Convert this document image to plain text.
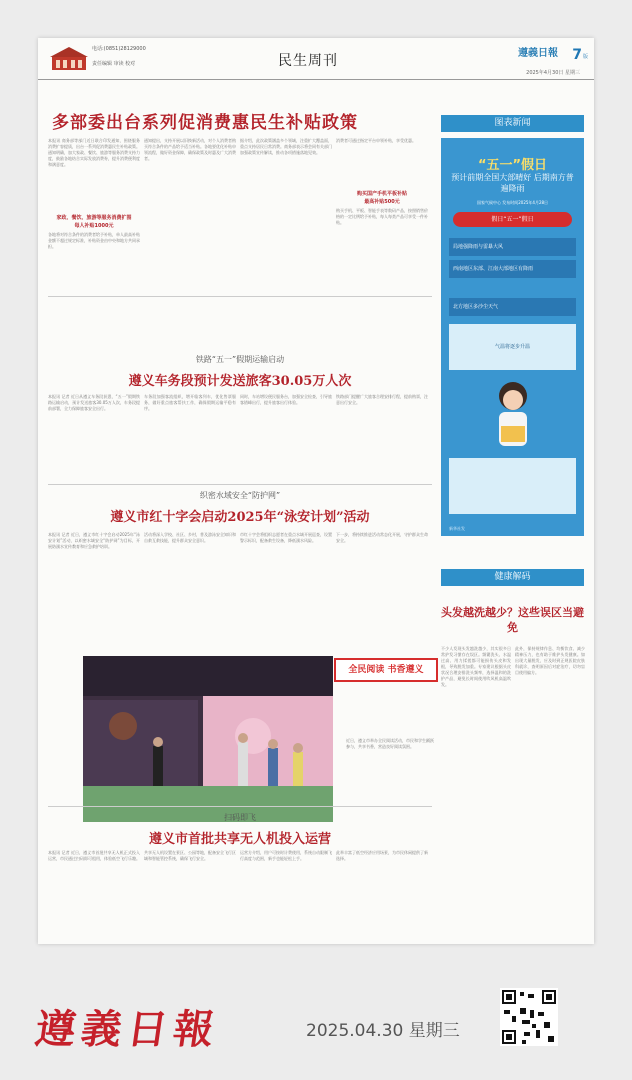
电话:(0851)28129000
责任编辑 审读 校对	民生周刊	遵義日報 7 版
2025年4月30日 星期三
多部委出台系列促消费惠民生补贴政策
本报讯 商务部等部门近日联合印发通知，围绕服务消费扩容提质，出台一系列促消费惠民生补贴政策。通知明确，加大家政、餐饮、旅游等服务消费支持力度，鼓励各地结合实际发放消费券，提升消费便利度和满意度。
家政、餐饮、旅游等服务消费扩围
每人补贴1000元
各地将对符合条件的消费者给予补贴，单人最高补贴金额不超过规定标准，补贴资金由中央和地方共同承担。
通知提出，支持开展以旧换新活动，对个人消费者购买符合条件的产品给予适当补贴。各地要优化补贴申领流程，做好资金保障，确保政策及时惠及广大消费者。
据介绍，此次政策涵盖多个领域，注重扩大覆盖面，重点支持居民日常消费。商务部表示将会同有关部门加强政策宣传解读，推动各项措施落地见效。
购买国产手机平板补贴
最高补贴500元
消费者可通过指定平台申领补贴，享受优惠。
购买手机、平板、智能手表等数码产品，按照销售价格的一定比例给予补贴，每人每类产品可享受一件补贴。
铁路“五一”假期运输启动
遵义车务段预计发送旅客30.05万人次
本报讯 记者 近日从遵义车务段获悉，“五一”假期铁路运输启动，预计发送旅客30.05万人次，车务段提前部署，全力保障旅客安全出行。
车务段加强客流组织，增开临客列车，优化售票服务，做好重点旅客帮扶工作，确保假期运输平稳有序。
同时，车站增设便民服务台，加强安全检查，引导旅客错峰出行，提升旅客出行体验。
铁路部门提醒广大旅客合理安排行程，提前购票，注意出行安全。
织密水域安全“防护网”
遵义市红十字会启动2025年“泳安计划”活动
本报讯 记者 近日，遵义市红十字会启动2025年“泳安计划”活动，以织密水域安全“防护网”为目标，开展防溺水宣传教育和应急救护培训。
活动将深入学校、社区、乡村，普及游泳安全知识和自救互救技能，提升群众安全意识。
市红十字会将组织志愿者在重点水域开展巡查，设置警示标识，配备救生设备，降低溺水风险。
下一步，将持续推进活动常态化开展，守护群众生命安全。
全民阅读 书香遵义
近日，遵义市举办全民阅读活动，市民和学生踊跃参与，共享书香，营造良好阅读氛围。
扫码即飞
遵义市首批共享无人机投入运营
本报讯 记者 近日，遵义市首批共享无人机正式投入运营，市民通过扫码即可租用，体验低空飞行乐趣。
共享无人机设置在景区、公园等地，配备安全飞行区域和智能管控系统，确保飞行安全。
运营方介绍，用户可按时计费使用，系统自动限制飞行高度与范围，新手也能轻松上手。
此举丰富了低空经济应用场景，为市民休闲提供了新选择。
图表新闻
“五一”假日
预计前期全国大部晴好 后期南方普遍降雨
国家气候中心 发布时间2025年4月28日
假日“五一”假日
局地强降雨与雷暴大风
西南地区东部、江南大部地区有降雨
北方地区多沙尘天气
气温将逐步升温
新华社发
健康解码
头发越洗越少？这些误区当避免
不少人发现头发越洗越少，其实很多日常护发习惯存在误区。频繁洗头、水温过高、用力揉搓都可能损伤头皮和发根，导致脱发加重。专家建议根据头皮状况合理安排洗头频率，选择温和的洗护产品，避免长时间使用吹风机高温吹发。
此外，保持规律作息、均衡饮食、减少精神压力，也有助于维护头发健康。如出现大量脱发，应及时到正规医院皮肤科就诊，查明原因后对症治疗，切勿盲目使用偏方。
遵義日報	2025.04.30 星期三
